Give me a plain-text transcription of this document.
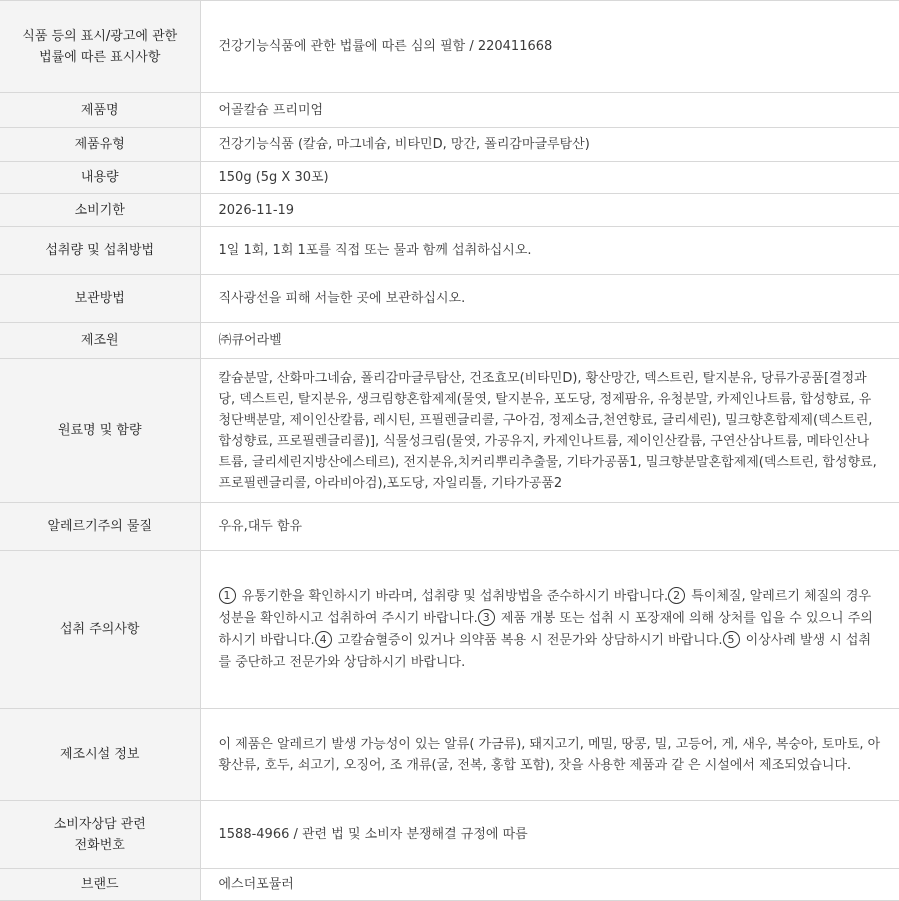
식품 등의 표시/광고에 관한
법률에 따른 표시사항	건강기능식품에 관한 법률에 따른 심의 필함 / 220411668
제품명	어골칼슘 프리미엄
제품유형	건강기능식품 (칼슘, 마그네슘, 비타민D, 망간, 폴리감마글루탐산)
내용량	150g (5g X 30포)
소비기한	2026-11-19
섭취량 및 섭취방법	1일 1회, 1회 1포를 직접 또는 물과 함께 섭취하십시오.
보관방법	직사광선을 피해 서늘한 곳에 보관하십시오.
제조원	㈜큐어라벨
원료명 및 함량	칼슘분말, 산화마그네슘, 폴리감마글루탐산, 건조효모(비타민D), 황산망간, 덱스트린, 탈지분유, 당류가공품[결정과당, 덱스트린, 탈지분유, 생크림향혼합제제(물엿, 탈지분유, 포도당, 정제팜유, 유청분말, 카제인나트륨, 합성향료, 유청단백분말, 제이인산칼륨, 레시틴, 프필렌글리콜, 구아검, 정제소금,천연향료, 글리세린), 밀크향혼합제제(덱스트린, 합성향료, 프로필렌글리콜)], 식물성크림(물엿, 가공유지, 카제인나트륨, 제이인산칼륨, 구연산삼나트륨, 메타인산나트륨, 글리세린지방산에스테르), 전지분유,치커리뿌리추출물, 기타가공품1, 밀크향분말혼합제제(덱스트린, 합성향료, 프로필렌글리콜, 아라비아검),포도당, 자일리톨, 기타가공품2
알레르기주의 물질	우유,대두 함유
섭취 주의사항	1 유통기한을 확인하시기 바라며, 섭취량 및 섭취방법을 준수하시기 바랍니다. 2 특이체질, 알레르기 체질의 경우 성분을 확인하시고 섭취하여 주시기 바랍니다. 3 제품 개봉 또는 섭취 시 포장재에 의해 상처를 입을 수 있으니 주의하시기 바랍니다. 4 고칼슘혈증이 있거나 의약품 복용 시 전문가와 상담하시기 바랍니다. 5 이상사례 발생 시 섭취를 중단하고 전문가와 상담하시기 바랍니다.

제조시설 정보	이 제품은 알레르기 발생 가능성이 있는 알류( 가금류), 돼지고기, 메밀, 땅콩, 밀, 고등어, 게, 새우, 복숭아, 토마토, 아황산류, 호두, 쇠고기, 오징어, 조 개류(굴, 전복, 홍합 포함), 잣을 사용한 제품과 같 은 시설에서 제조되었습니다.
소비자상담 관련
전화번호	1588-4966 / 관련 법 및 소비자 분쟁해결 규정에 따름
브랜드	에스더포뮬러
